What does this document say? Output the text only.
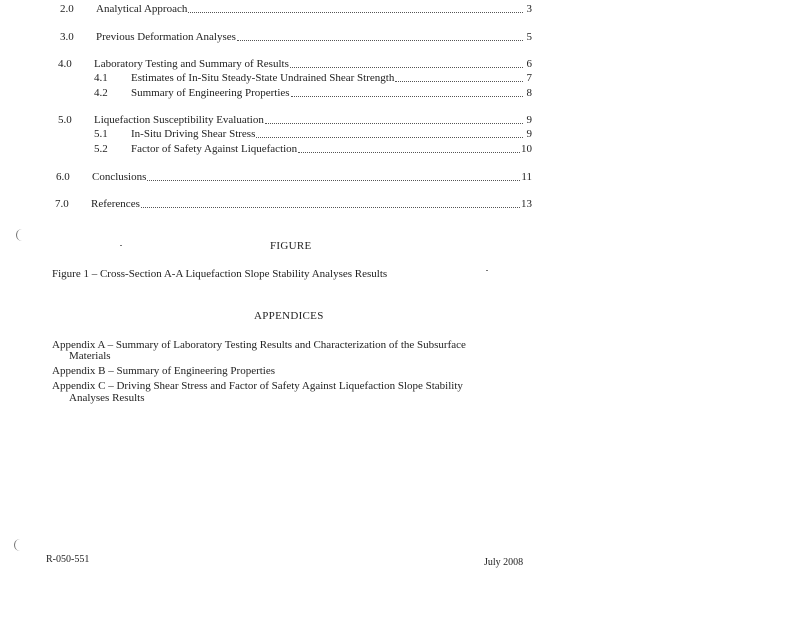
2.0	Analytical Approach	3
3.0	Previous Deformation Analyses	5
4.0	Laboratory Testing and Summary of Results	6
4.1	Estimates of In-Situ Steady-State Undrained Shear Strength	7
4.2	Summary of Engineering Properties	8
5.0	Liquefaction Susceptibility Evaluation	9
5.1	In-Situ Driving Shear Stress	9
5.2	Factor of Safety Against Liquefaction	10
6.0	Conclusions	11
7.0	References	13
FIGURE
Figure 1 – Cross-Section A-A Liquefaction Slope Stability Analyses Results
APPENDICES
Appendix A – Summary of Laboratory Testing Results and Characterization of the Subsurface
Materials
Appendix B – Summary of Engineering Properties
Appendix C – Driving Shear Stress and Factor of Safety Against Liquefaction Slope Stability
Analyses Results
R-050-551	July 2008
